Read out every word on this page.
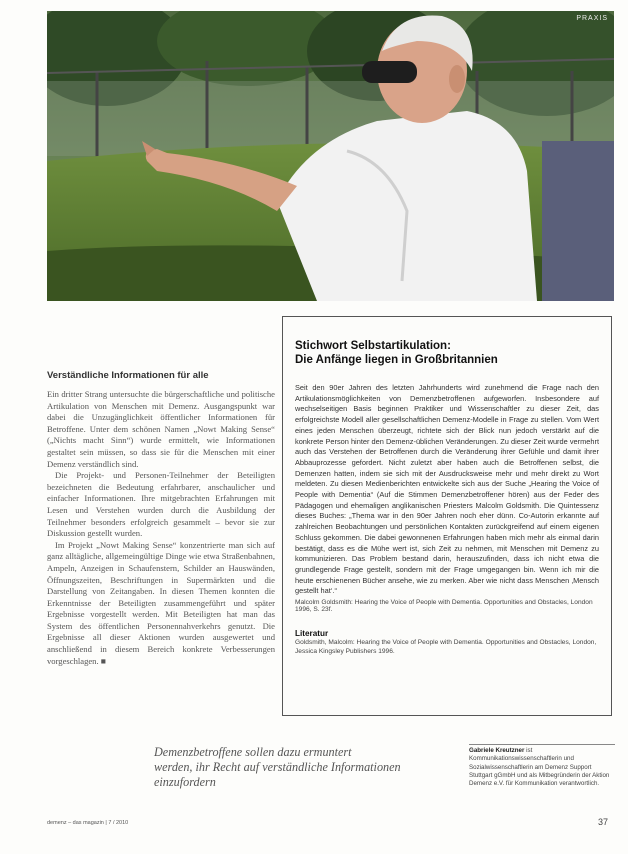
PRAXIS
Stichwort Selbstartikulation:
Die Anfänge liegen in Großbritannien

Seit den 90er Jahren des letzten Jahrhunderts wird zunehmend die Frage nach den Artikulationsmöglichkeiten von Demenzbetroffenen aufgeworfen. Insbesondere auf wechselseitigen Basis beginnen Praktiker und Wissenschaftler zu dieser Zeit, das erfolgreichste Modell aller gesellschaftlichen Demenz-Modelle in Frage zu stellen. Vom Wert eines jeden Menschen überzeugt, richtete sich der Blick nun jedoch verstärkt auf die konkrete Person hinter den Demenz-üblichen Veränderungen. Zu dieser Zeit wurde vermehrt auch das Verstehen der Betroffenen durch die Veränderung ihrer Gefühle und damit ihrer Abbauprozesse gefordert. Nicht zuletzt aber haben auch die Betroffenen selbst, die Demenzen hatten, indem sie sich mit der Ausdrucksweise mehr und mehr direkt zu Wort meldeten. Zu diesen Medienberichten entwickelte sich aus der Suche „Hearing the Voice of People with Dementia“ (Auf die Stimmen Demenzbetroffener hören) aus der Feder des Pädagogen und ehemaligen anglikanischen Priesters Malcolm Goldsmith. Die Quintessenz dieses Buches: „Thema war in den 90er Jahren noch eher dünn. Co-Autorin erkannte auf zahlreichen Beobachtungen und persönlichen Kontakten zurückgreifend auf einem eigenen Schluss gekommen. Die dabei gewonnenen Erfahrungen haben mich mehr als einmal darin bestätigt, dass es die Mühe wert ist, sich Zeit zu nehmen, mit Menschen mit Demenz zu kommunizieren. Das Problem bestand darin, herauszufinden, dass ich nicht etwa die grundlegende Frage gestellt, sondern mit der Frage umgegangen bin. Wenn ich mir die heute erschienenen Bücher ansehe, wie zu merken. Aber wie nicht dass Menschen ‚Mensch gestellt hat‘.“

Malcolm Goldsmith: Hearing the Voice of People with Dementia. Opportunities and Obstacles, London 1996, S. 23f.
Literatur

Goldsmith, Malcolm: Hearing the Voice of People with Dementia. Opportunities and Obstacles, London, Jessica Kingsley Publishers 1996.

Verständliche Informationen für alle

Ein dritter Strang untersuchte die bürgerschaftliche und politische Artikulation von Menschen mit Demenz. Ausgangspunkt war dabei die Unzugänglichkeit öffentlicher Informationen für Betroffene. Unter dem schönen Namen „Nowt Making Sense“ („Nichts macht Sinn“) wurde ermittelt, wie Informationen gestaltet sein müssen, so dass sie für die Menschen mit einer Demenz verständlich sind.

Die Projekt- und Personen-Teilnehmer der Beteiligten bezeichneten die Bedeutung erfahrbarer, anschaulicher und einfacher Informationen. Ihre mitgebrachten Erfahrungen mit Lesen und Verstehen wurden durch die Ausbildung der Teilnehmer besonders erfolgreich gesammelt – bevor sie zur Diskussion gestellt wurden.

Im Projekt „Nowt Making Sense“ konzentrierte man sich auf ganz alltägliche, allgemeingültige Dinge wie etwa Straßenbahnen, Ampeln, Anzeigen in Schaufenstern, Schilder an Hauswänden, Öffnungszeiten, Beschriftungen in Supermärkten und die Darstellung von Zeitangaben. In diesen Themen konnten die Erkenntnisse der Beteiligten zusammengeführt und später Ergebnisse vorgestellt werden. Mit Beteiligten hat man das System des öffentlichen Personennahverkehrs genutzt. Die Ergebnisse all dieser Aktionen wurden ausgewertet und anschließend in diesem Bereich konkrete Verbesserungen vorgeschlagen. ■

Demenzbetroffene sollen dazu ermuntert
werden, ihr Recht auf verständliche Informationen
einzufordern
Gabriele Kreutzner ist Kommunikationswissenschaftlerin und Sozialwissenschaftlerin am Demenz Support Stuttgart gGmbH und als Mitbegründerin der Aktion Demenz e.V. für Kommunikation verantwortlich.
demenz – das magazin | 7 / 2010	37
